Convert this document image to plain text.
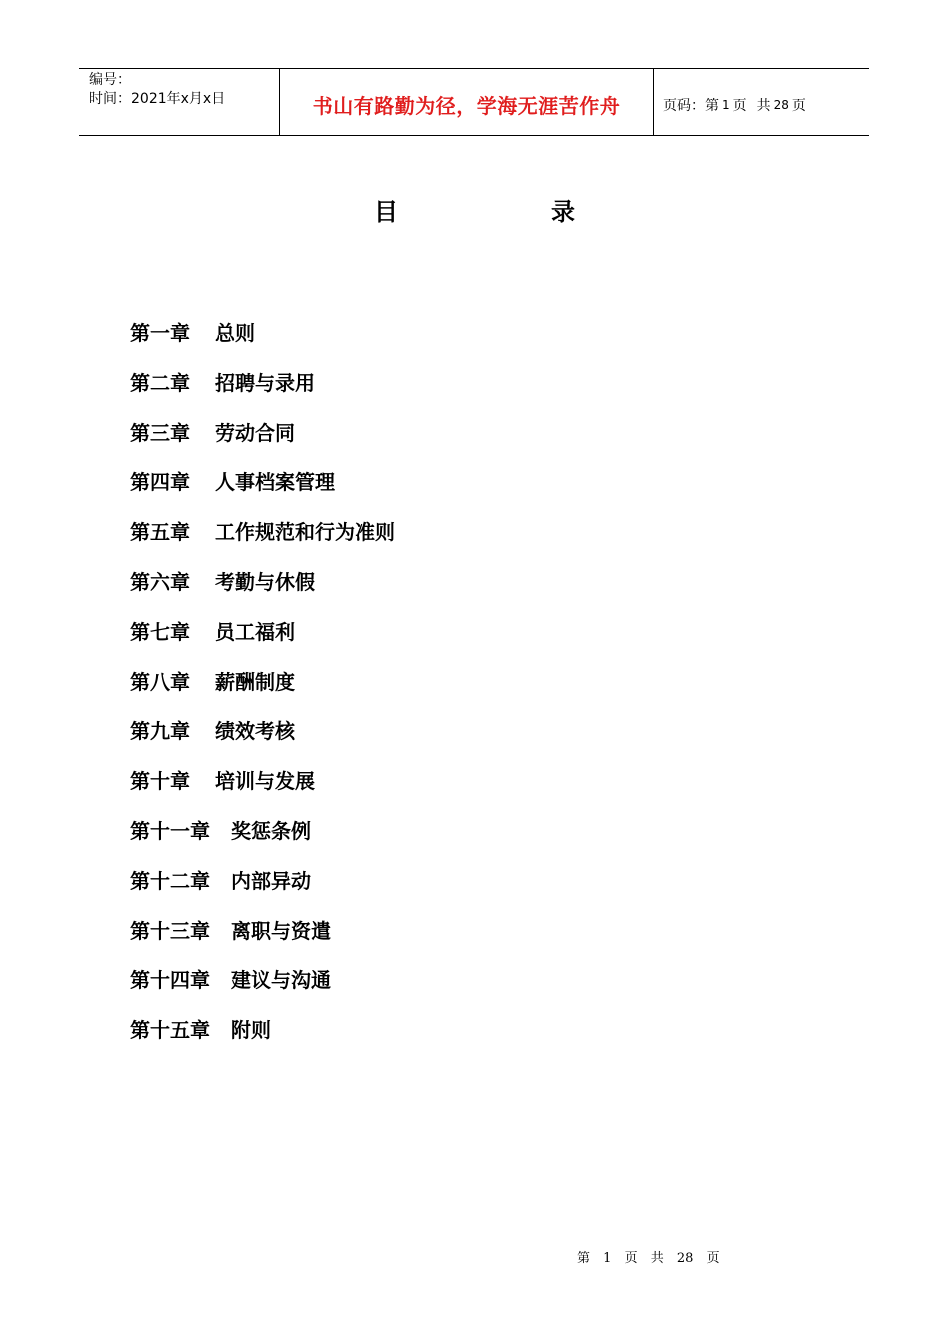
编号：
时间：2021年x月x日	书山有路勤为径，学海无涯苦作舟	页码：第 1 页 共 28 页
目	录
第一章 总则
第二章 招聘与录用
第三章 劳动合同
第四章 人事档案管理
第五章 工作规范和行为准则
第六章 考勤与休假
第七章 员工福利
第八章 薪酬制度
第九章 绩效考核
第十章 培训与发展
第十一章 奖惩条例
第十二章 内部异动
第十三章 离职与资遣
第十四章 建议与沟通
第十五章 附则
第 1 页 共 28 页
